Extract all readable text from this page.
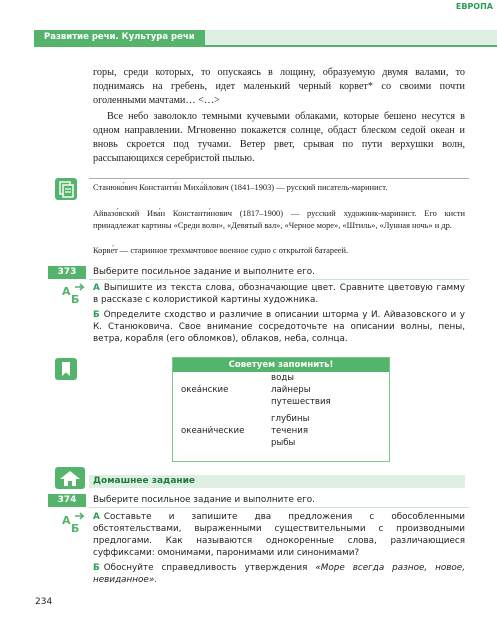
ЕВРОПА
Развитие речи. Культура речи
горы, среди которых, то опускаясь в лощину, образуемую двумя валами, то поднимаясь на гребень, идет маленький черный корвет* со своими почти оголенными мачтами… <…>
Все небо заволокло темными кучевыми облаками, которые бешено несутся в одном направлении. Мгновенно покажется солнце, обдаст блеском седой океан и вновь скроется под тучами. Ветер рвет, срывая по пути верхушки волн, рассыпающихся серебристой пылью.
Станюко́вич Константи́н Миха́йлович (1841–1903) — русский писатель-маринист.
Айвазо́вский Ива́н Константи́нович (1817–1900) — русский художник-маринист. Его кисти принадлежат картины «Среди волн», «Девятый вал», «Черное море», «Штиль», «Лунная ночь» и др.
Корве́т — старинное трехмачтовое военное судно с открытой батареей.
373	Выберите посильное задание и выполните его.
А
Б
А Выпишите из текста слова, обозначающие цвет. Сравните цветовую гамму в рассказе с колористикой картины художника.
Б Определите сходство и различие в описании шторма у И. Айвазовского и у К. Станюковича. Свое внимание сосредоточьте на описании волны, пены, ветра, корабля (его обломков), облаков, неба, солнца.
Советуем запомнить!
воды
океа́нские	лайнеры
путешествия
глубины
океани́ческие	течения
рыбы
Домашнее задание
374	Выберите посильное задание и выполните его.
А
Б
А Составьте и запишите два предложения с обособленными обстоятельствами, выраженными существительными с производными предлогами. Как называются однокоренные слова, различающиеся суффиксами: омонимами, паронимами или синонимами?
Б Обоснуйте справедливость утверждения «Море всегда разное, новое, невиданное».
234
